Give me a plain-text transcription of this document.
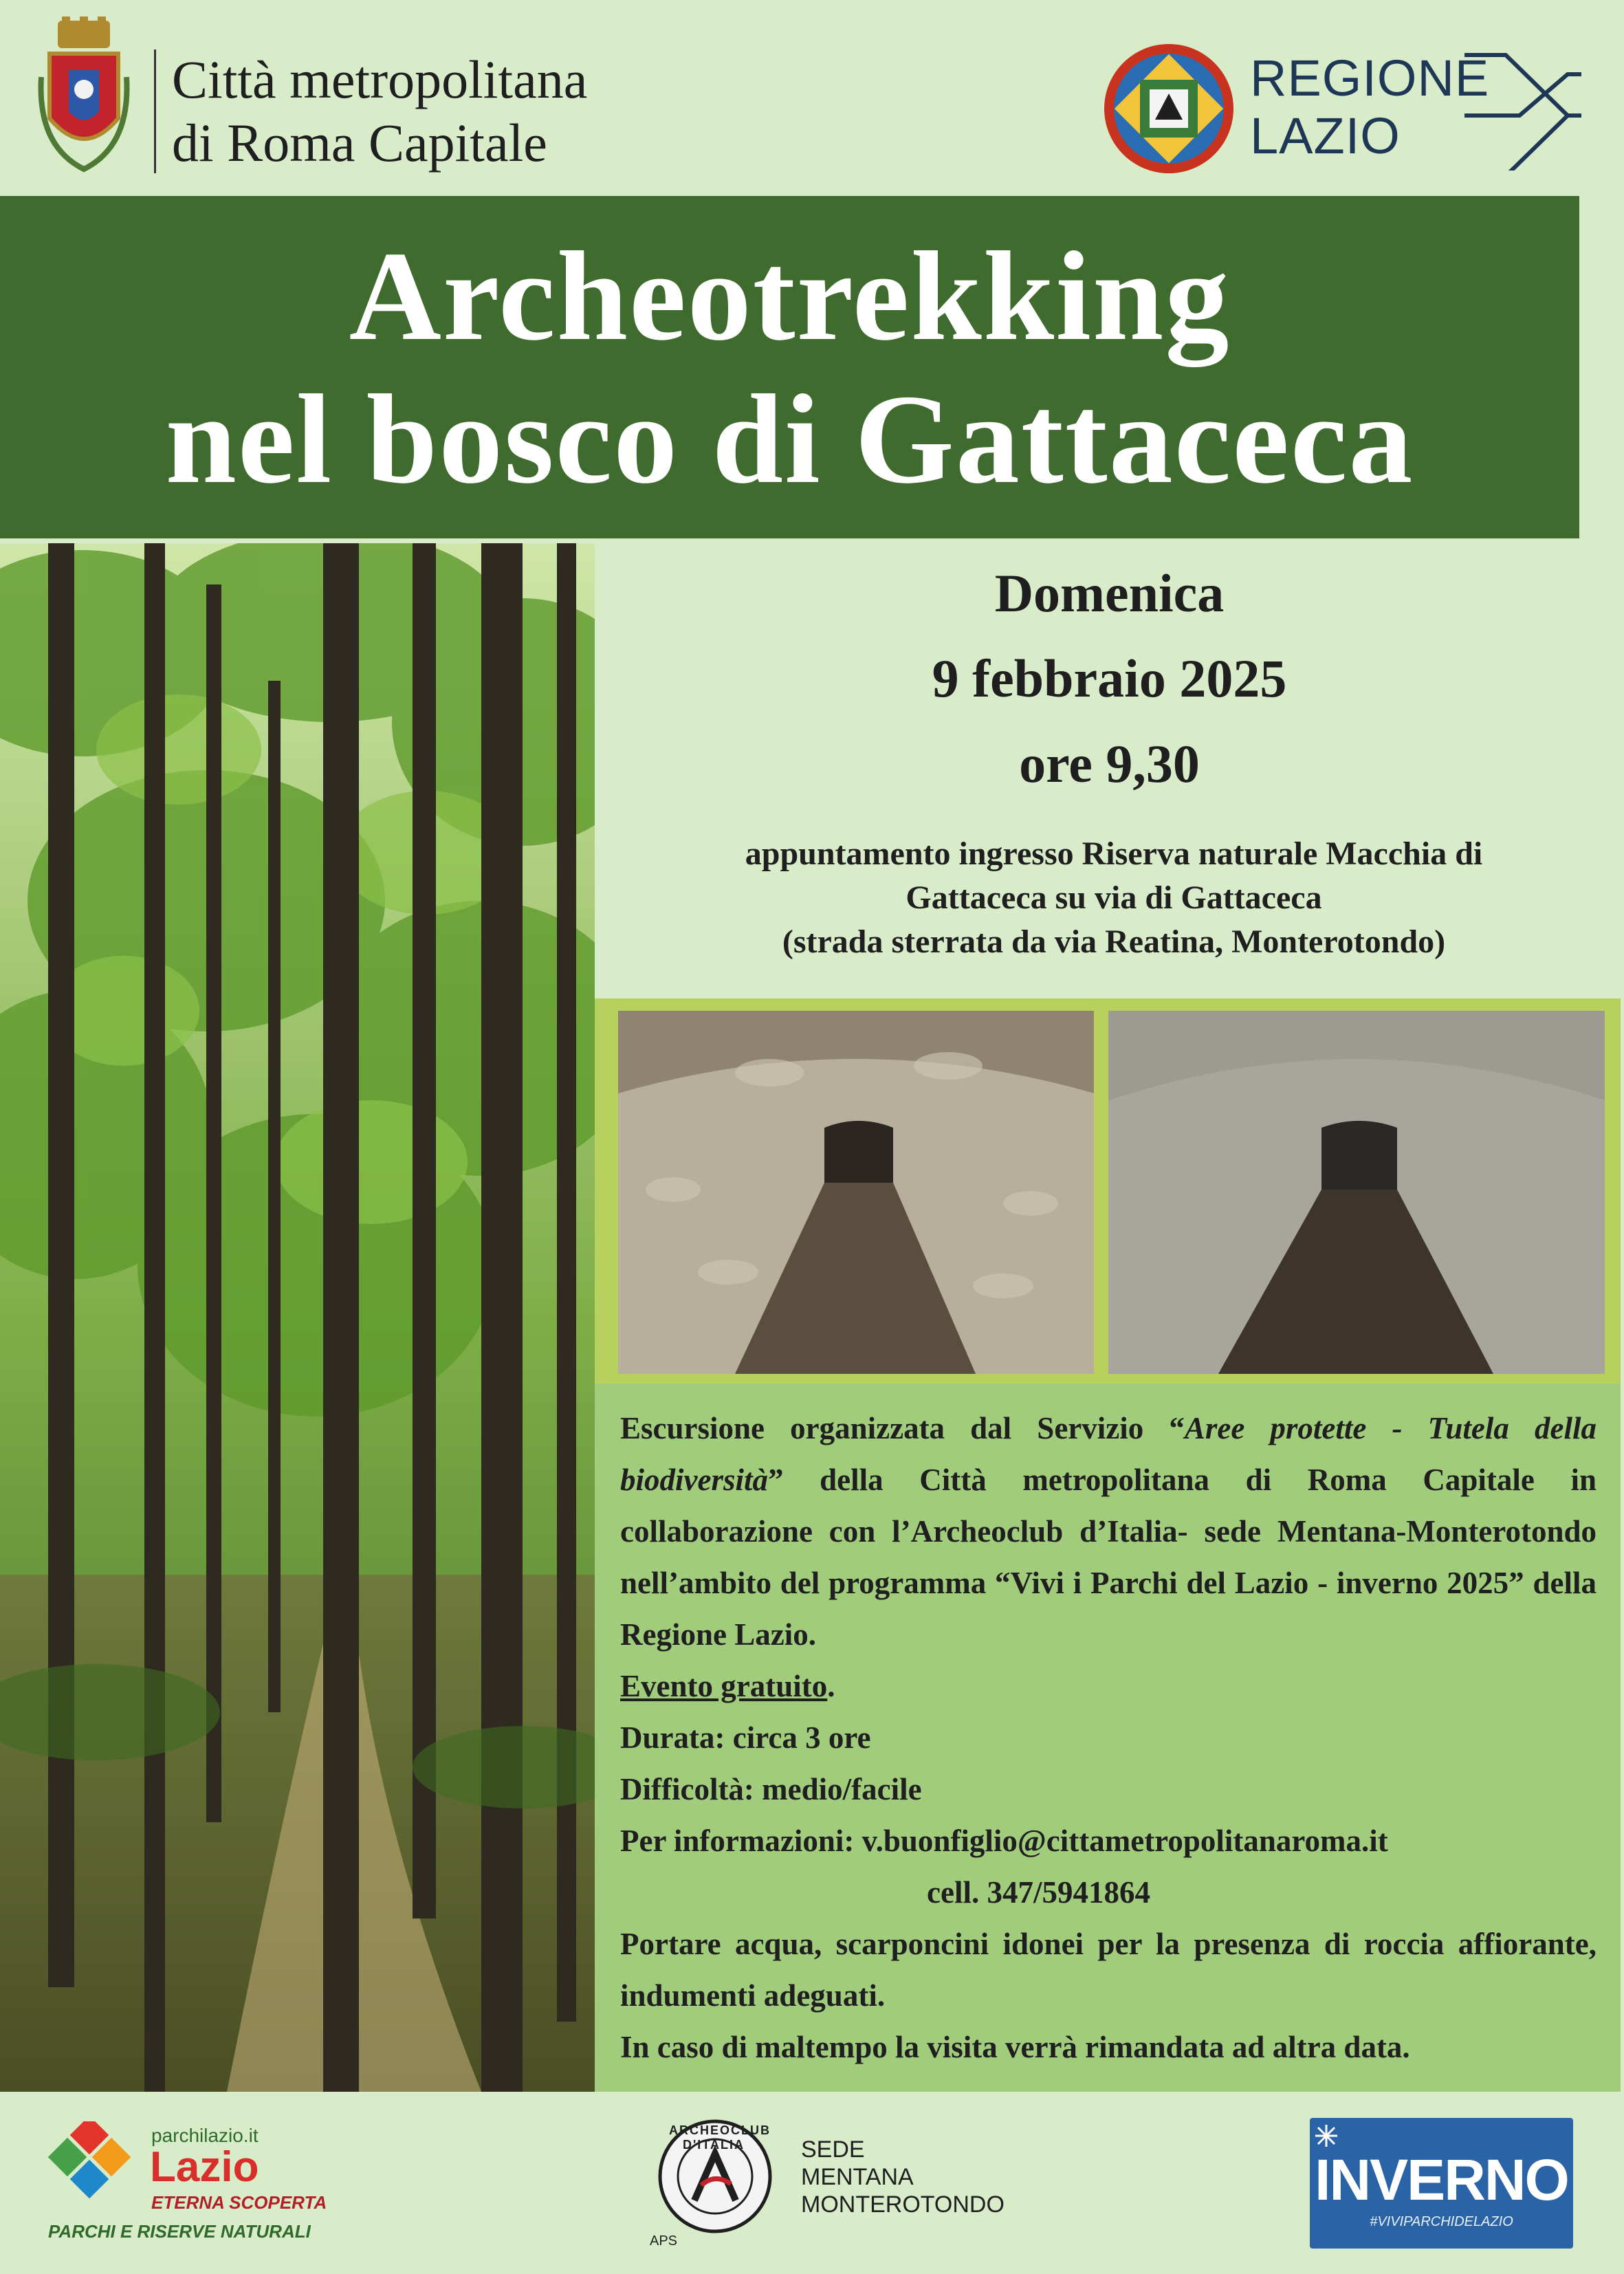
Città metropolitana
di Roma Capitale
REGIONE
LAZIO
Archeotrekking
nel bosco di Gattaceca
Domenica
9 febbraio 2025
ore 9,30
appuntamento ingresso Riserva naturale Macchia di
Gattaceca su via di Gattaceca
(strada sterrata da via Reatina, Monterotondo)

Escursione organizzata dal Servizio “Aree protette - Tutela della biodiversità” della Città metropolitana di Roma Capitale in collaborazione con l’Archeoclub d’Italia- sede Mentana-Monterotondo nell’ambito del programma “Vivi i Parchi del Lazio - inverno 2025” della Regione Lazio.

Evento gratuito.

Durata: circa 3 ore

Difficoltà: medio/facile

Per informazioni: v.buonfiglio@cittametropolitanaroma.it

cell. 347/5941864

Portare acqua, scarponcini idonei per la presenza di roccia affiorante, indumenti adeguati.

In caso di maltempo la visita verrà rimandata ad altra data.

parchilazio.it
Lazio
ETERNA SCOPERTA
PARCHI E RISERVE NATURALI
ARCHEOCLUB D'ITALIA
APS
SEDE
MENTANA
MONTEROTONDO	INVERNO
#VIVIPARCHIDELAZIO
